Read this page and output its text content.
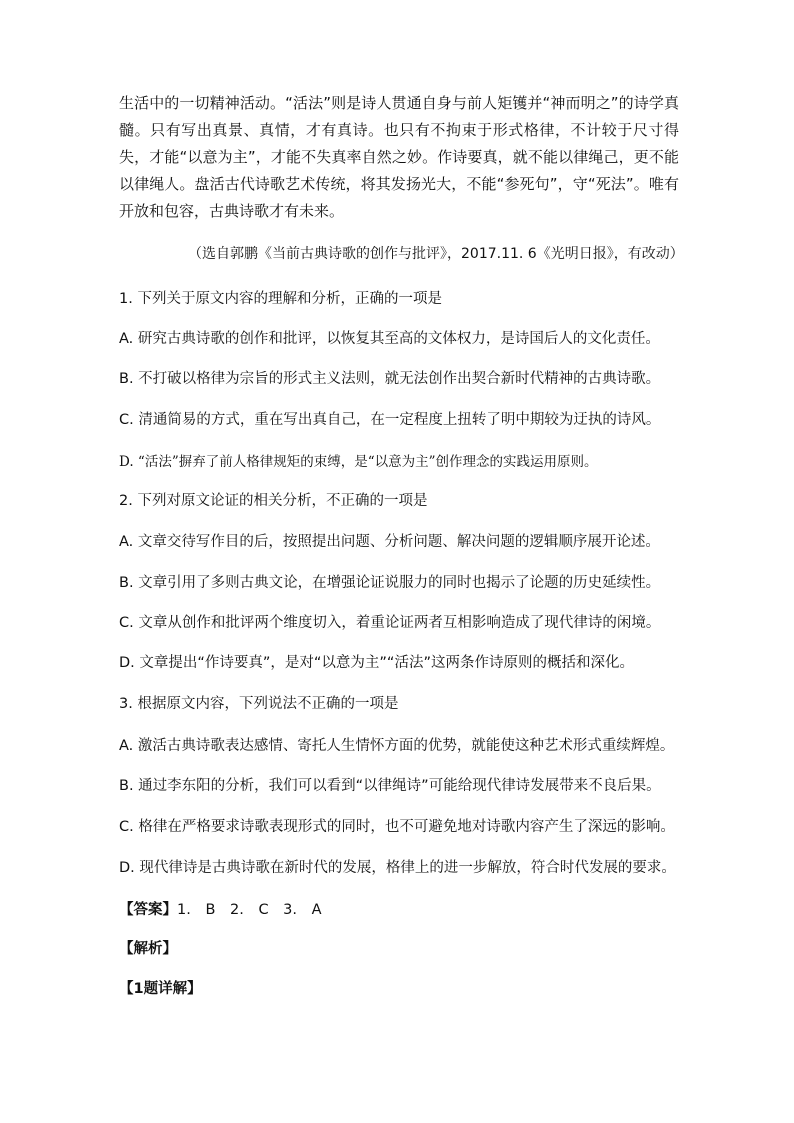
生活中的一切精神活动。“活法”则是诗人贯通自身与前人矩镬并“神而明之”的诗学真髓。只有写出真景、真情，才有真诗。也只有不拘束于形式格律，不计较于尺寸得失，才能“以意为主”，才能不失真率自然之妙。作诗要真，就不能以律绳己，更不能以律绳人。盘活古代诗歌艺术传统，将其发扬光大，不能“参死句”，守“死法”。唯有开放和包容，古典诗歌才有未来。
（选自郭鹏《当前古典诗歌的创作与批评》，2017.11. 6《光明日报》，有改动）
1. 下列关于原文内容的理解和分析，正确的一项是
A. 研究古典诗歌的创作和批评，以恢复其至高的文体权力，是诗国后人的文化责任。
B. 不打破以格律为宗旨的形式主义法则，就无法创作出契合新时代精神的古典诗歌。
C. 清通简易的方式，重在写出真自己，在一定程度上扭转了明中期较为迂执的诗风。
D. “活法”摒弃了前人格律规矩的束缚，是“以意为主”创作理念的实践运用原则。
2. 下列对原文论证的相关分析，不正确的一项是
A. 文章交待写作目的后，按照提出问题、分析问题、解决问题的逻辑顺序展开论述。
B. 文章引用了多则古典文论，在增强论证说服力的同时也揭示了论题的历史延续性。
C. 文章从创作和批评两个维度切入，着重论证两者互相影响造成了现代律诗的闲境。
D. 文章提出“作诗要真”，是对“以意为主”“活法”这两条作诗原则的概括和深化。
3. 根据原文内容，下列说法不正确的一项是
A. 激活古典诗歌表达感情、寄托人生情怀方面的优势，就能使这种艺术形式重续辉煌。
B. 通过李东阳的分析，我们可以看到“以律绳诗”可能给现代律诗发展带来不良后果。
C. 格律在严格要求诗歌表现形式的同时，也不可避免地对诗歌内容产生了深远的影响。
D. 现代律诗是古典诗歌在新时代的发展，格律上的进一步解放，符合时代发展的要求。
【答案】1. B 2. C 3. A
【解析】
【1题详解】
